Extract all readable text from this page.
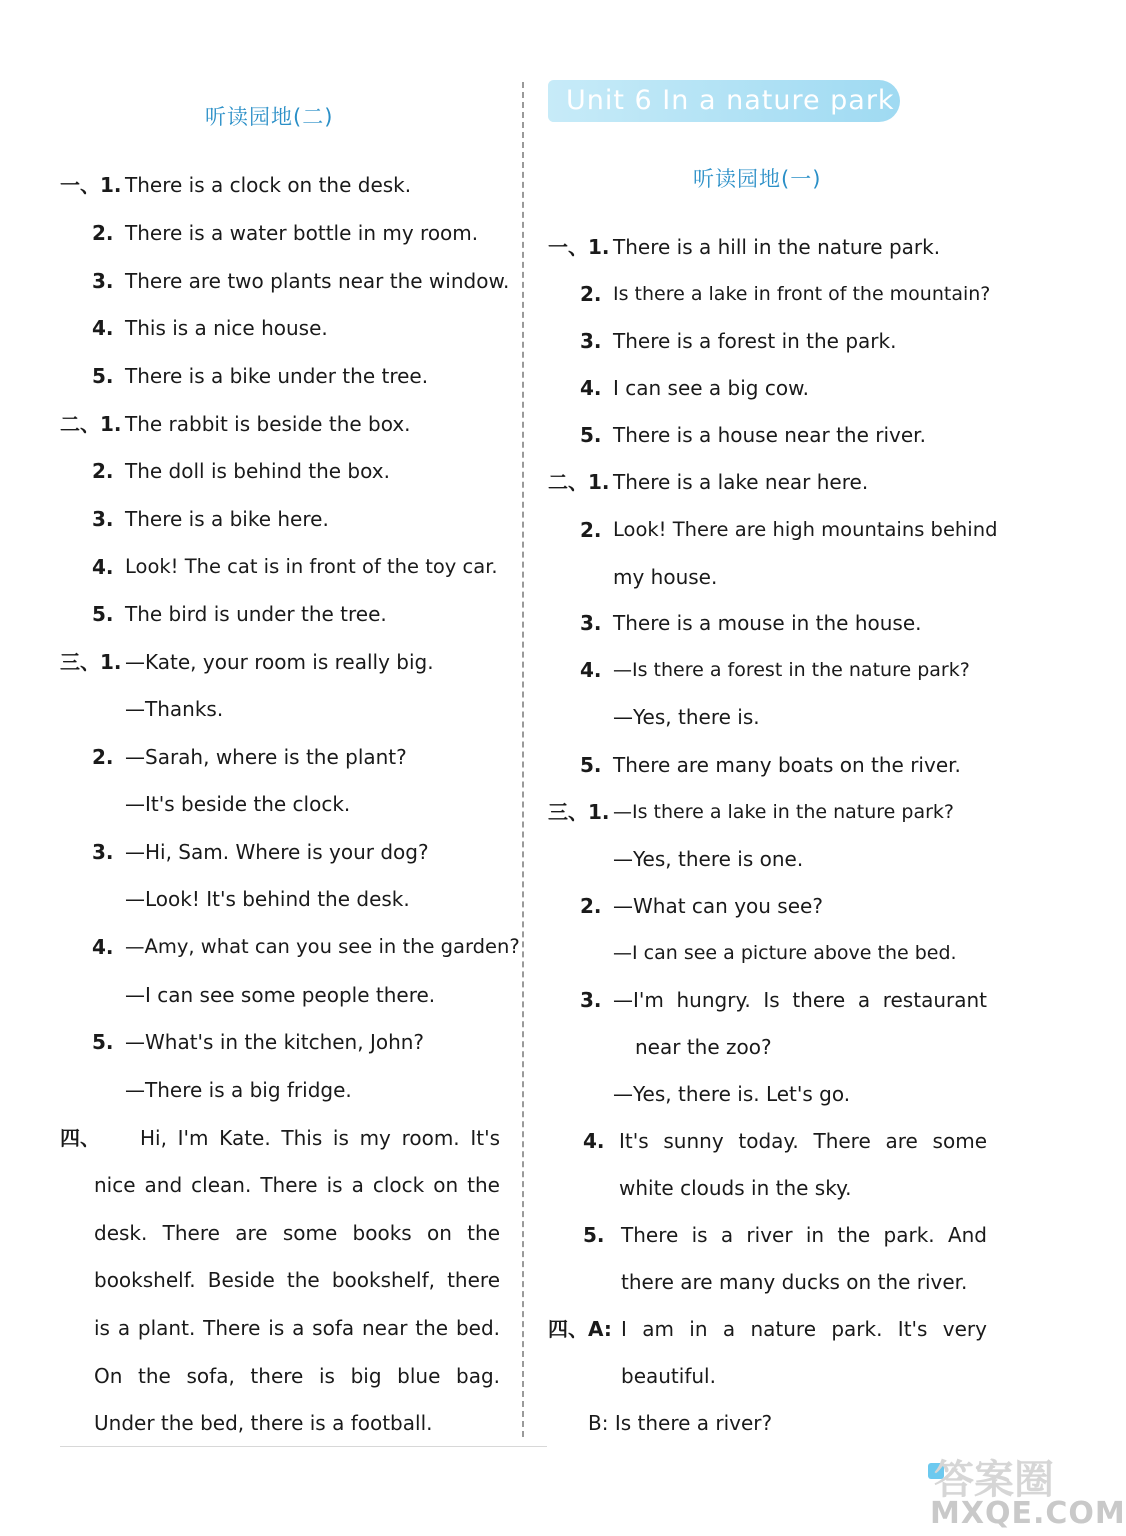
听读园地(二)
一、1. There is a clock on the desk.
2. There is a water bottle in my room.
3. There are two plants near the window.
4. This is a nice house.
5. There is a bike under the tree.
二、1. The rabbit is beside the box.
2. The doll is behind the box.
3. There is a bike here.
4. Look! The cat is in front of the toy car.
5. The bird is under the tree.
三、1. —Kate, your room is really big.
—Thanks.
2. —Sarah, where is the plant?
—It's beside the clock.
3. —Hi, Sam. Where is your dog?
—Look! It's behind the desk.
4. —Amy, what can you see in the garden?
—I can see some people there.
5. —What's in the kitchen, John?
—There is a big fridge.
四、 Hi, I'm Kate. This is my room. It's
nice and clean. There is a clock on the
desk. There are some books on the
bookshelf. Beside the bookshelf, there
is a plant. There is a sofa near the bed.
On the sofa, there is big blue bag.
Under the bed, there is a football.
Unit 6 In a nature park
听读园地(一)
一、1. There is a hill in the nature park.
2. Is there a lake in front of the mountain?
3. There is a forest in the park.
4. I can see a big cow.
5. There is a house near the river.
二、1. There is a lake near here.
2. Look! There are high mountains behind
my house.
3. There is a mouse in the house.
4. —Is there a forest in the nature park?
—Yes, there is.
5. There are many boats on the river.
三、1. —Is there a lake in the nature park?
—Yes, there is one.
2. —What can you see?
—I can see a picture above the bed.
3. —I'm hungry. Is there a restaurant
near the zoo?
—Yes, there is. Let's go.
4. It's sunny today. There are some
white clouds in the sky.
5. There is a river in the park. And
there are many ducks on the river.
四、A: I am in a nature park. It's very
beautiful.
B: Is there a river?
答案圈
MXQE.COM
